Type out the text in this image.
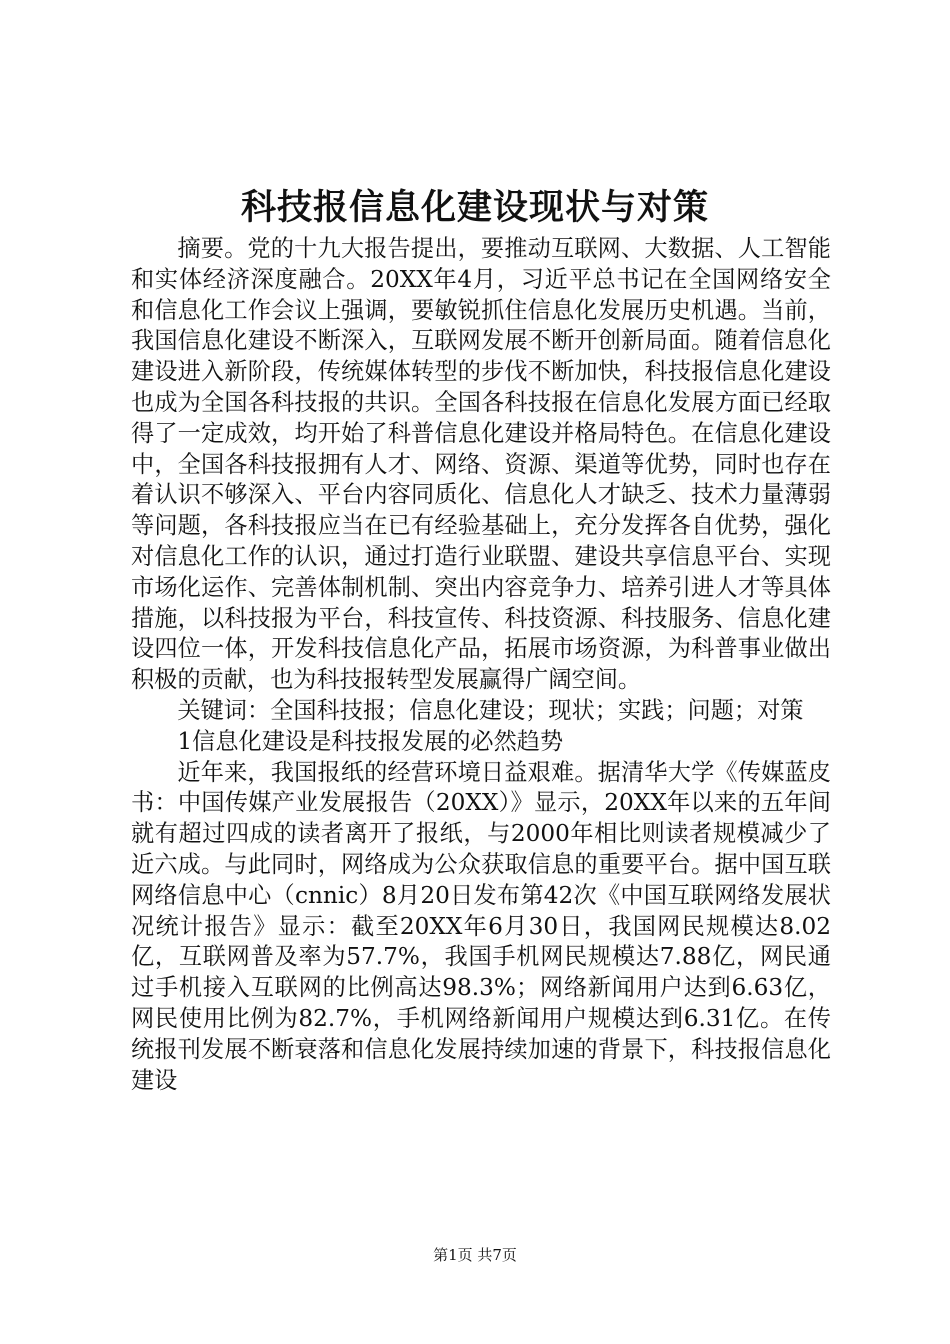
科技报信息化建设现状与对策

摘要。党的十九大报告提出，要推动互联网、大数据、人工智能和实体经济深度融合。20XX年4月，习近平总书记在全国网络安全和信息化工作会议上强调，要敏锐抓住信息化发展历史机遇。当前，我国信息化建设不断深入，互联网发展不断开创新局面。随着信息化建设进入新阶段，传统媒体转型的步伐不断加快，科技报信息化建设也成为全国各科技报的共识。全国各科技报在信息化发展方面已经取得了一定成效，均开始了科普信息化建设并格局特色。在信息化建设中，全国各科技报拥有人才、网络、资源、渠道等优势，同时也存在着认识不够深入、平台内容同质化、信息化人才缺乏、技术力量薄弱等问题，各科技报应当在已有经验基础上，充分发挥各自优势，强化对信息化工作的认识，通过打造行业联盟、建设共享信息平台、实现市场化运作、完善体制机制、突出内容竞争力、培养引进人才等具体措施，以科技报为平台，科技宣传、科技资源、科技服务、信息化建设四位一体，开发科技信息化产品，拓展市场资源，为科普事业做出积极的贡献，也为科技报转型发展赢得广阔空间。

关键词：全国科技报；信息化建设；现状；实践；问题；对策

1信息化建设是科技报发展的必然趋势

近年来，我国报纸的经营环境日益艰难。据清华大学《传媒蓝皮书：中国传媒产业发展报告（20XX）》显示，20XX年以来的五年间就有超过四成的读者离开了报纸，与2000年相比则读者规模减少了近六成。与此同时，网络成为公众获取信息的重要平台。据中国互联网络信息中心（cnnic）8月20日发布第42次《中国互联网络发展状况统计报告》显示：截至20XX年6月30日，我国网民规模达8.02亿，互联网普及率为57.7%，我国手机网民规模达7.88亿，网民通过手机接入互联网的比例高达98.3%；网络新闻用户达到6.63亿，网民使用比例为82.7%，手机网络新闻用户规模达到6.31亿。在传统报刊发展不断衰落和信息化发展持续加速的背景下，科技报信息化建设

第1页 共7页
